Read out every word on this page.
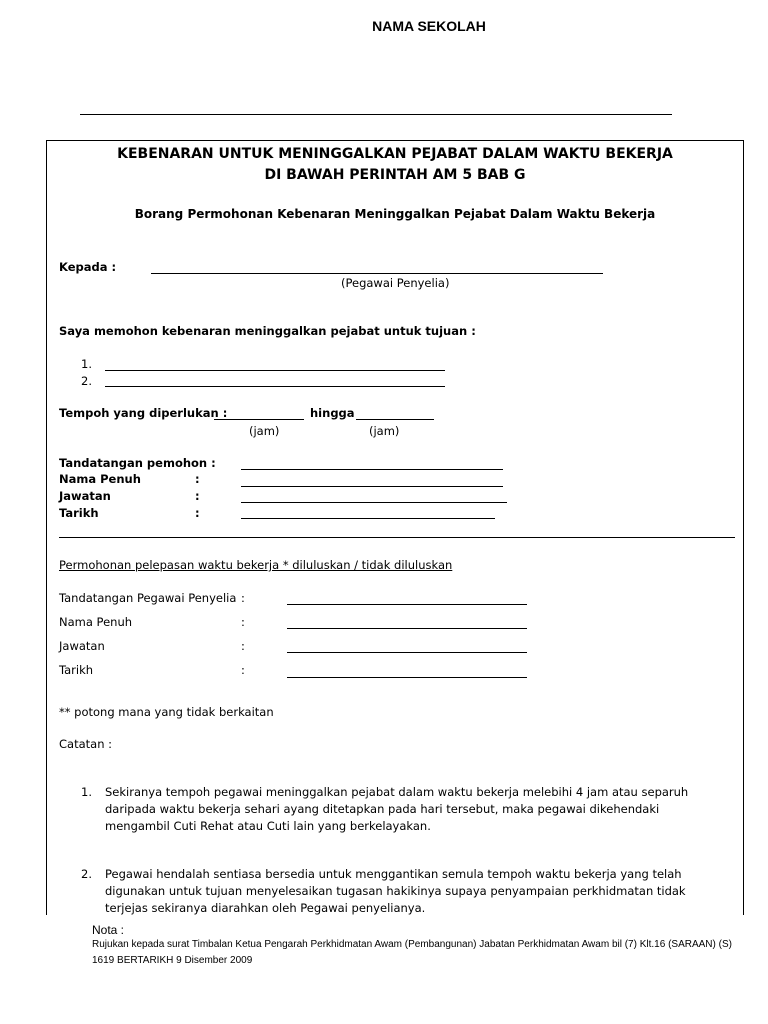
NAMA SEKOLAH
KEBENARAN UNTUK MENINGGALKAN PEJABAT DALAM WAKTU BEKERJA
DI BAWAH PERINTAH AM 5 BAB G
Borang Permohonan Kebenaran Meninggalkan Pejabat Dalam Waktu Bekerja
Kepada :
(Pegawai Penyelia)
Saya memohon kebenaran meninggalkan pejabat untuk tujuan :
1.
2.
Tempoh yang diperlukan :	hingga
(jam)	(jam)
Tandatangan pemohon :
Nama Penuh	:
Jawatan	:
Tarikh	:
Permohonan pelepasan waktu bekerja * diluluskan / tidak diluluskan
Tandatangan Pegawai Penyelia :
Nama Penuh	:
Jawatan	:
Tarikh	:
** potong mana yang tidak berkaitan
Catatan :
1. Sekiranya tempoh pegawai meninggalkan pejabat dalam waktu bekerja melebihi 4 jam atau separuh daripada waktu bekerja sehari ayang ditetapkan pada hari tersebut, maka pegawai dikehendaki mengambil Cuti Rehat atau Cuti lain yang berkelayakan.
2. Pegawai hendalah sentiasa bersedia untuk menggantikan semula tempoh waktu bekerja yang telah digunakan untuk tujuan menyelesaikan tugasan hakikinya supaya penyampaian perkhidmatan tidak terjejas sekiranya diarahkan oleh Pegawai penyelianya.
Nota :
Rujukan kepada surat Timbalan Ketua Pengarah Perkhidmatan Awam (Pembangunan) Jabatan Perkhidmatan Awam bil (7) Klt.16 (SARAAN) (S) 1619 BERTARIKH 9 Disember 2009
